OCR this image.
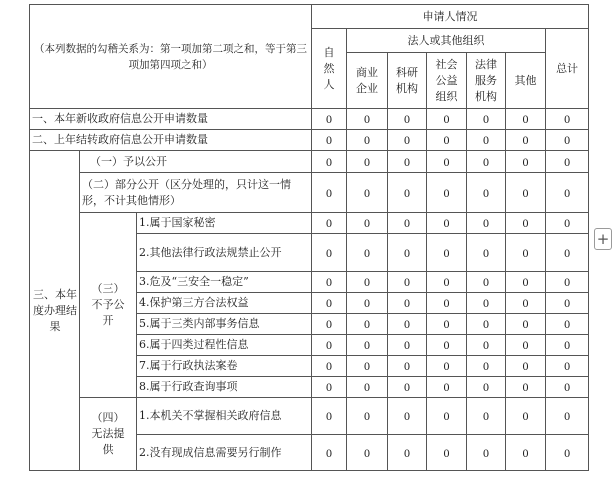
（本列数据的勾稽关系为：第一项加第二项之和，等于第三项加第四项之和）			申请人情况						

			自然人	法人或其他组织					总计

				商业企业	科研机构	社会公益组织	法律服务机构	其他	
一、本年新收政府信息公开申请数量			0	0	0	0	0	0	0
二、上年结转政府信息公开申请数量			0	0	0	0	0	0	0

三、本年度办理结果	（一）予以公开		0	0	0	0	0	0	0
	（二）部分公开（区分处理的，只计这一情形，不计其他情形）		0	0	0	0	0	0	0

	（三）不予公开	1.属于国家秘密	0	0	0	0	0	0	0
		2.其他法律行政法规禁止公开	0	0	0	0	0	0	0
		3.危及“三安全一稳定”	0	0	0	0	0	0	0
		4.保护第三方合法权益	0	0	0	0	0	0	0
		5.属于三类内部事务信息	0	0	0	0	0	0	0
		6.属于四类过程性信息	0	0	0	0	0	0	0
		7.属于行政执法案卷	0	0	0	0	0	0	0
		8.属于行政查询事项	0	0	0	0	0	0	0

	（四）无法提供	1.本机关不掌握相关政府信息	0	0	0	0	0	0	0
		2.没有现成信息需要另行制作	0	0	0	0	0	0	0
+
